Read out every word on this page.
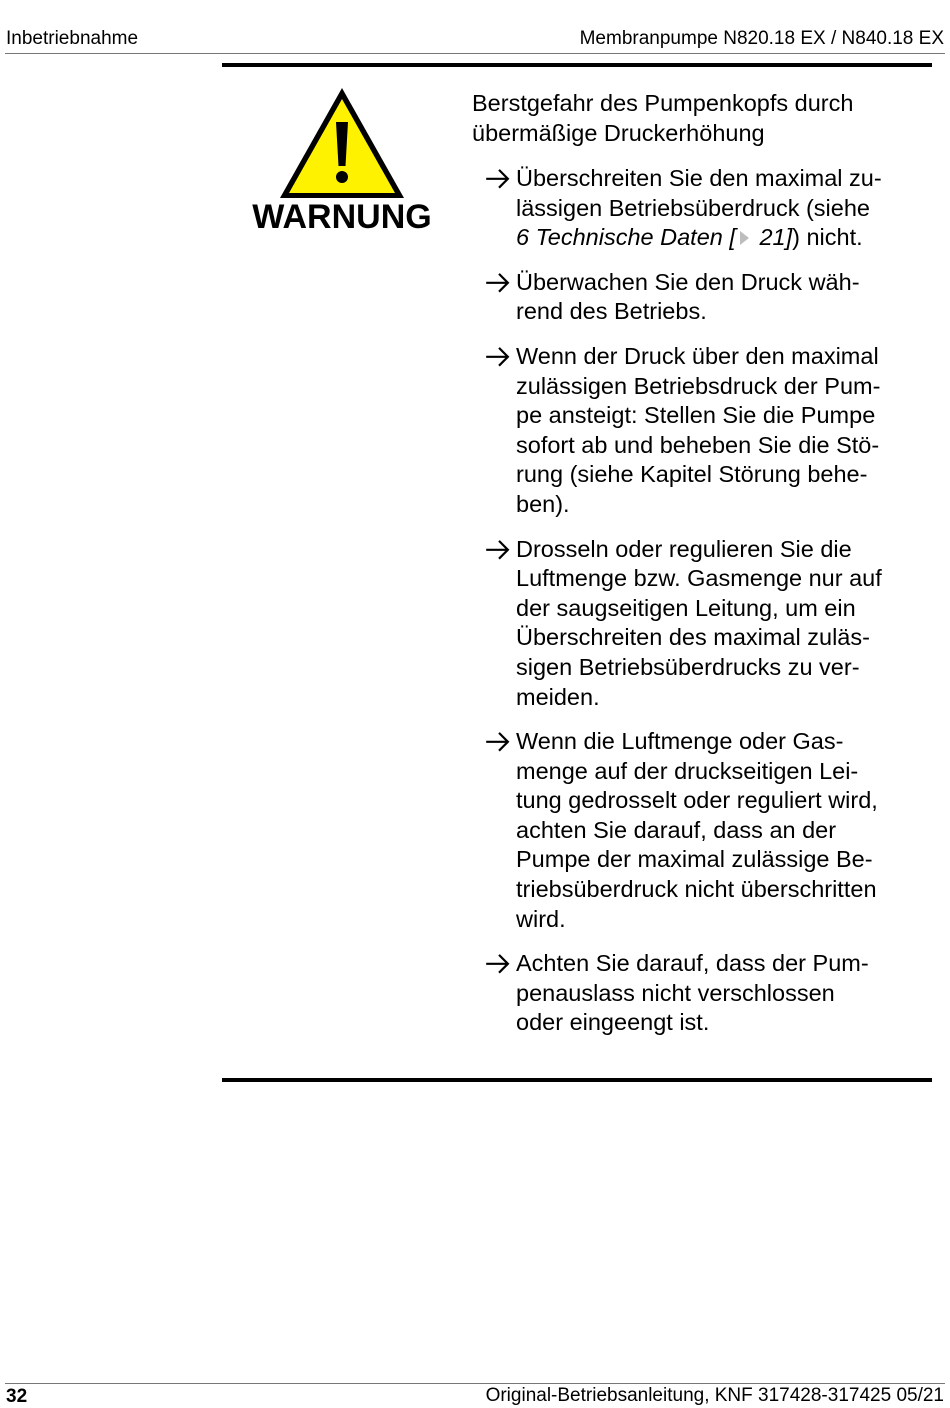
Inbetriebnahme	Membranpumpe N820.18 EX / N840.18 EX
WARNUNG
Berstgefahr des Pumpenkopfs durch
übermäßige Druckerhöhung
Überschreiten Sie den maximal zu-
lässigen Betriebsüberdruck (siehe
6 Technische Daten [ 21]) nicht.
Überwachen Sie den Druck wäh-
rend des Betriebs.
Wenn der Druck über den maximal
zulässigen Betriebsdruck der Pum-
pe ansteigt: Stellen Sie die Pumpe
sofort ab und beheben Sie die Stö-
rung (siehe Kapitel Störung behe-
ben).
Drosseln oder regulieren Sie die
Luftmenge bzw. Gasmenge nur auf
der saugseitigen Leitung, um ein
Überschreiten des maximal zuläs-
sigen Betriebsüberdrucks zu ver-
meiden.
Wenn die Luftmenge oder Gas-
menge auf der druckseitigen Lei-
tung gedrosselt oder reguliert wird,
achten Sie darauf, dass an der
Pumpe der maximal zulässige Be-
triebsüberdruck nicht überschritten
wird.
Achten Sie darauf, dass der Pum-
penauslass nicht verschlossen
oder eingeengt ist.
32	Original-Betriebsanleitung, KNF 317428-317425 05/21
